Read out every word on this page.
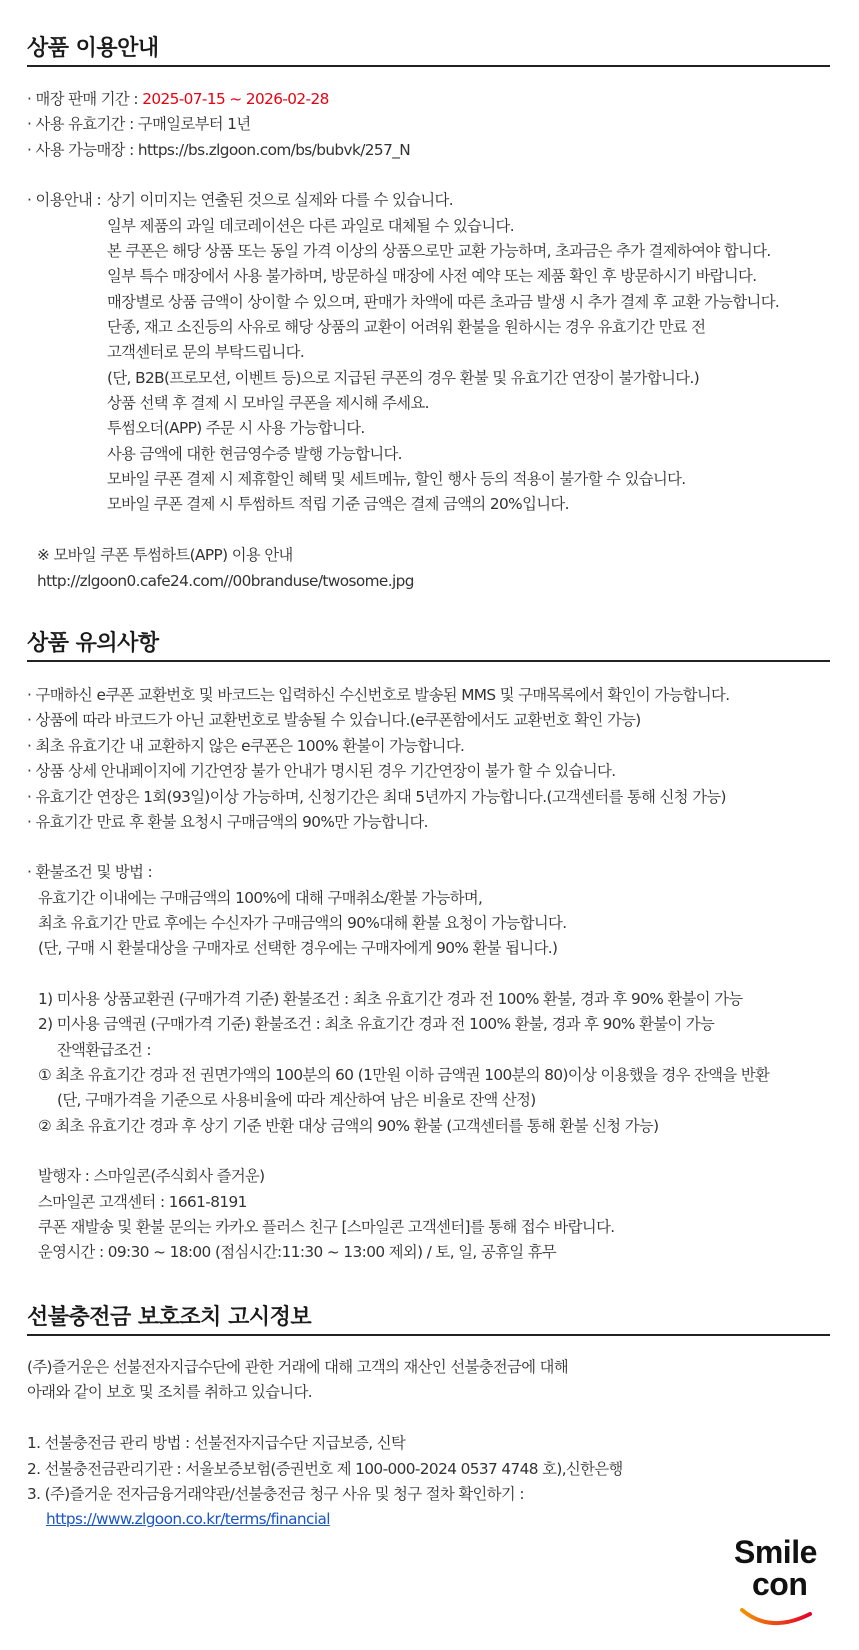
상품 이용안내
· 매장 판매 기간 : 2025-07-15 ~ 2026-02-28
· 사용 유효기간 : 구매일로부터 1년
· 사용 가능매장 : https://bs.zlgoon.com/bs/bubvk/257_N
· 이용안내 : 상기 이미지는 연출된 것으로 실제와 다를 수 있습니다.
일부 제품의 과일 데코레이션은 다른 과일로 대체될 수 있습니다.
본 쿠폰은 해당 상품 또는 동일 가격 이상의 상품으로만 교환 가능하며, 초과금은 추가 결제하여야 합니다.
일부 특수 매장에서 사용 불가하며, 방문하실 매장에 사전 예약 또는 제품 확인 후 방문하시기 바랍니다.
매장별로 상품 금액이 상이할 수 있으며, 판매가 차액에 따른 초과금 발생 시 추가 결제 후 교환 가능합니다.
단종, 재고 소진등의 사유로 해당 상품의 교환이 어려워 환불을 원하시는 경우 유효기간 만료 전
고객센터로 문의 부탁드립니다.
(단, B2B(프로모션, 이벤트 등)으로 지급된 쿠폰의 경우 환불 및 유효기간 연장이 불가합니다.)
상품 선택 후 결제 시 모바일 쿠폰을 제시해 주세요.
투썸오더(APP) 주문 시 사용 가능합니다.
사용 금액에 대한 현금영수증 발행 가능합니다.
모바일 쿠폰 결제 시 제휴할인 혜택 및 세트메뉴, 할인 행사 등의 적용이 불가할 수 있습니다.
모바일 쿠폰 결제 시 투썸하트 적립 기준 금액은 결제 금액의 20%입니다.
※ 모바일 쿠폰 투썸하트(APP) 이용 안내
http://zlgoon0.cafe24.com//00branduse/twosome.jpg
상품 유의사항
· 구매하신 e쿠폰 교환번호 및 바코드는 입력하신 수신번호로 발송된 MMS 및 구매목록에서 확인이 가능합니다.
· 상품에 따라 바코드가 아닌 교환번호로 발송될 수 있습니다.(e쿠폰함에서도 교환번호 확인 가능)
· 최초 유효기간 내 교환하지 않은 e쿠폰은 100% 환불이 가능합니다.
· 상품 상세 안내페이지에 기간연장 불가 안내가 명시된 경우 기간연장이 불가 할 수 있습니다.
· 유효기간 연장은 1회(93일)이상 가능하며, 신청기간은 최대 5년까지 가능합니다.(고객센터를 통해 신청 가능)
· 유효기간 만료 후 환불 요청시 구매금액의 90%만 가능합니다.
· 환불조건 및 방법 :
유효기간 이내에는 구매금액의 100%에 대해 구매취소/환불 가능하며,
최초 유효기간 만료 후에는 수신자가 구매금액의 90%대해 환불 요청이 가능합니다.
(단, 구매 시 환불대상을 구매자로 선택한 경우에는 구매자에게 90% 환불 됩니다.)
1) 미사용 상품교환권 (구매가격 기준) 환불조건 : 최초 유효기간 경과 전 100% 환불, 경과 후 90% 환불이 가능
2) 미사용 금액권 (구매가격 기준) 환불조건 : 최초 유효기간 경과 전 100% 환불, 경과 후 90% 환불이 가능
잔액환급조건 :
① 최초 유효기간 경과 전 권면가액의 100분의 60 (1만원 이하 금액권 100분의 80)이상 이용했을 경우 잔액을 반환
(단, 구매가격을 기준으로 사용비율에 따라 계산하여 남은 비율로 잔액 산정)
② 최초 유효기간 경과 후 상기 기준 반환 대상 금액의 90% 환불 (고객센터를 통해 환불 신청 가능)
발행자 : 스마일콘(주식회사 즐거운)
스마일콘 고객센터 : 1661-8191
쿠폰 재발송 및 환불 문의는 카카오 플러스 친구 [스마일콘 고객센터]를 통해 접수 바랍니다.
운영시간 : 09:30 ~ 18:00 (점심시간:11:30 ~ 13:00 제외) / 토, 일, 공휴일 휴무
선불충전금 보호조치 고시정보
(주)즐거운은 선불전자지급수단에 관한 거래에 대해 고객의 재산인 선불충전금에 대해
아래와 같이 보호 및 조치를 취하고 있습니다.
1. 선불충전금 관리 방법 : 선불전자지급수단 지급보증, 신탁
2. 선불충전금관리기관 : 서울보증보험(증권번호 제 100-000-2024 0537 4748 호),신한은행
3. (주)즐거운 전자금융거래약관/선불충전금 청구 사유 및 청구 절차 확인하기 :
https://www.zlgoon.co.kr/terms/financial
Smile
con
